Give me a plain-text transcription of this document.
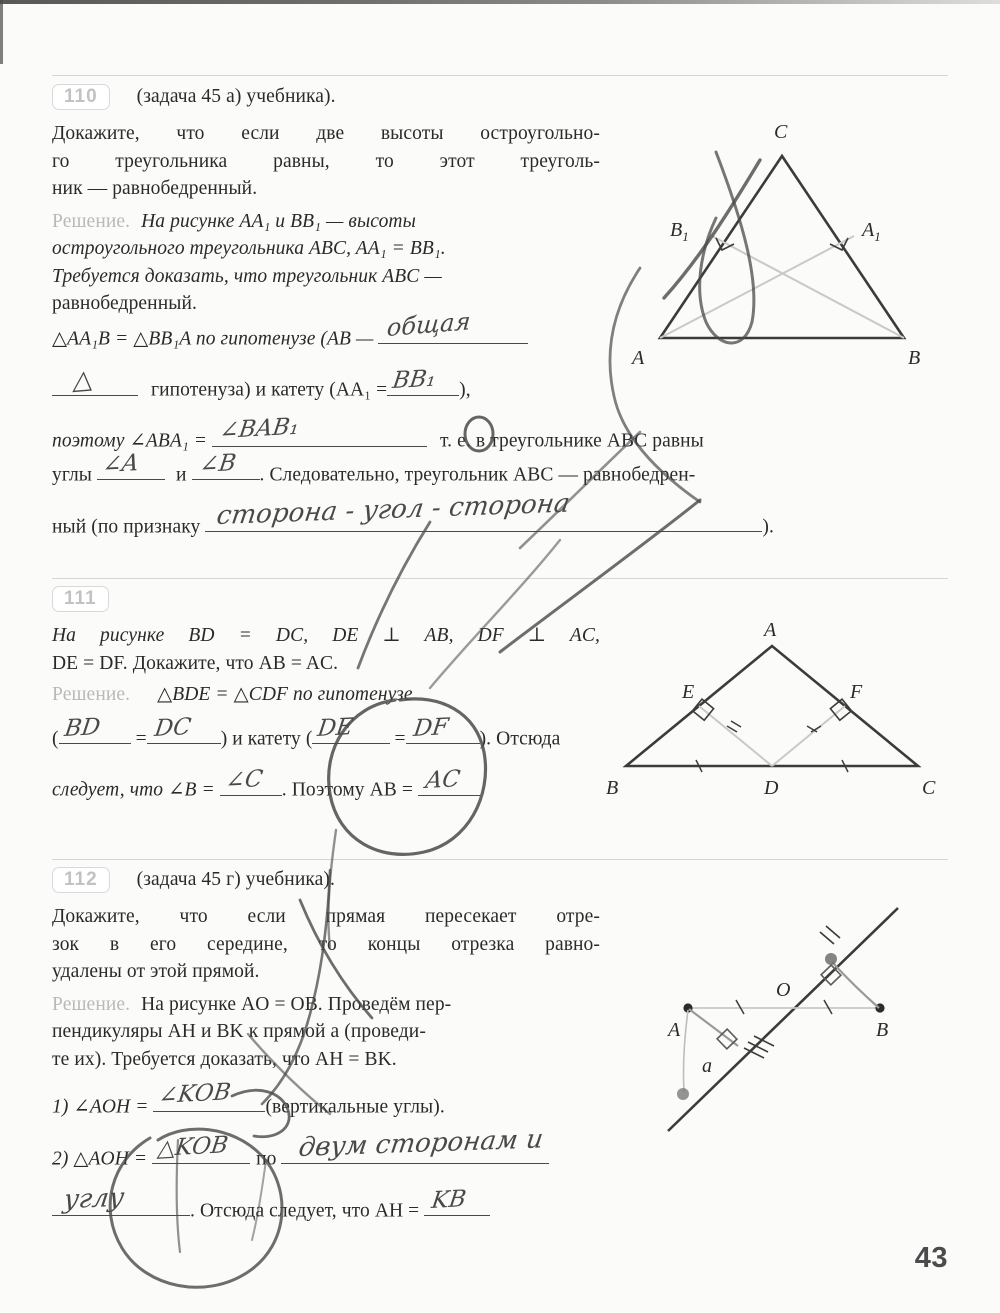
110 (задача 45 а) учебника).
Докажите, что если две высоты остроугольно-
го треугольника равны, то этот треуголь-
ник — равнобедренный.
Решение. На рисунке AA₁ и BB₁ — высоты
остроугольного треугольника ABC, AA₁ = BB₁.
Требуется доказать, что треугольник ABC —
равнобедренный.
△AA₁B = △BB₁A по гипотенузе (AB — общая
△	гипотенуза) и катету (AA₁ = BB₁ ),
поэтому ∠ABA₁ = ∠BAB₁	т. е. в треугольнике ABC равны
углы ∠A и ∠B . Следовательно, треугольник ABC — равнобедрен-
ный (по признаку сторона - угол - сторона	).
C
A	B
$B_1$	$A_1$
111
На рисунке BD = DC, DE ⊥ AB, DF ⊥ AC,
DE = DF. Докажите, что AB = AC.
Решение. △BDE = △CDF по гипотенузе
( BD = DC ) и катету ( DE = DF ). Отсюда
следует, что ∠B = ∠C . Поэтому AB = AC
A
E	F
B	D	C
112 (задача 45 г) учебника).
Докажите, что если прямая пересекает отре-
зок в его середине, то концы отрезка равно-
удалены от этой прямой.
Решение. На рисунке AO = OB. Проведём пер-
пендикуляры AH и BK к прямой a (проведи-
те их). Требуется доказать, что AH = BK.
1) ∠AOH = ∠KOB (вертикальные углы).
2) △AOH = △KOB по двум сторонам и
углу	. Отсюда следует, что AH = KB
A	B
O
a
43
